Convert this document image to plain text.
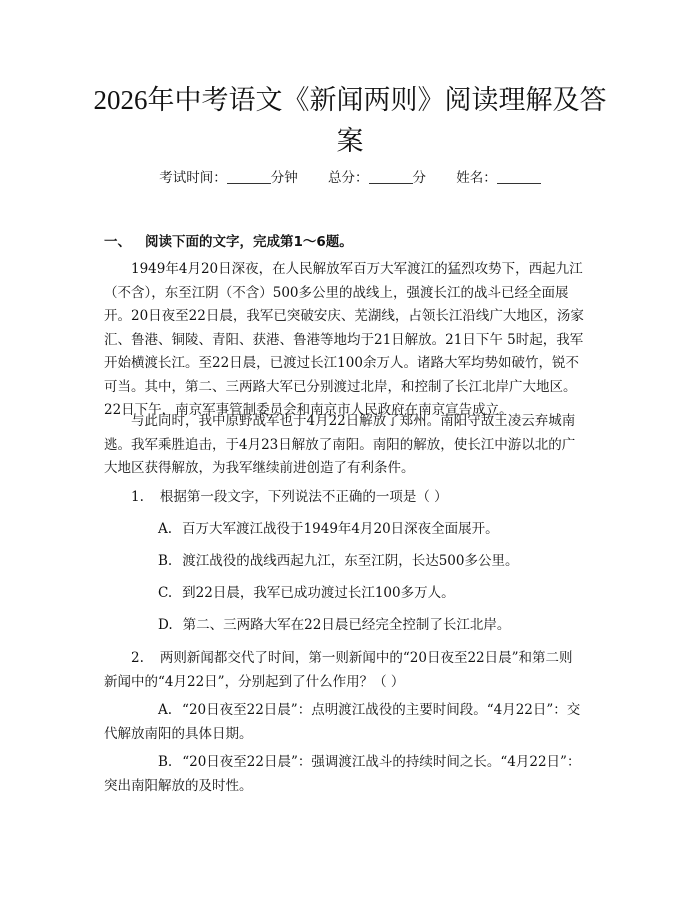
2026年中考语文《新闻两则》阅读理解及答案
考试时间：	分钟 总分：	分 姓名：
一、 阅读下面的文字，完成第1～6题。

1949年4月20日深夜，在人民解放军百万大军渡江的猛烈攻势下，西起九江（不含），东至江阴（不含）500多公里的战线上，强渡长江的战斗已经全面展开。20日夜至22日晨，我军已突破安庆、芜湖线，占领长江沿线广大地区，汤家汇、鲁港、铜陵、青阳、获港、鲁港等地均于21日解放。21日下午 5时起，我军开始横渡长江。至22日晨，已渡过长江100余万人。诸路大军均势如破竹，锐不可当。其中，第二、三两路大军已分别渡过北岸，和控制了长江北岸广大地区。22日下午，南京军事管制委员会和南京市人民政府在南京宣告成立。

与此同时，我中原野战军也于4月22日解放了郑州。南阳守敌王凌云弃城南逃。我军乘胜追击，于4月23日解放了南阳。南阳的解放，使长江中游以北的广大地区获得解放，为我军继续前进创造了有利条件。

1. 根据第一段文字，下列说法不正确的一项是（ ）

A. 百万大军渡江战役于1949年4月20日深夜全面展开。

B. 渡江战役的战线西起九江，东至江阴，长达500多公里。

C. 到22日晨，我军已成功渡过长江100多万人。

D. 第二、三两路大军在22日晨已经完全控制了长江北岸。

2. 两则新闻都交代了时间，第一则新闻中的“20日夜至22日晨”和第二则新闻中的“4月22日”，分别起到了什么作用？（ ）

A. “20日夜至22日晨”：点明渡江战役的主要时间段。“4月22日”：交代解放南阳的具体日期。

B. “20日夜至22日晨”：强调渡江战斗的持续时间之长。“4月22日”：突出南阳解放的及时性。
